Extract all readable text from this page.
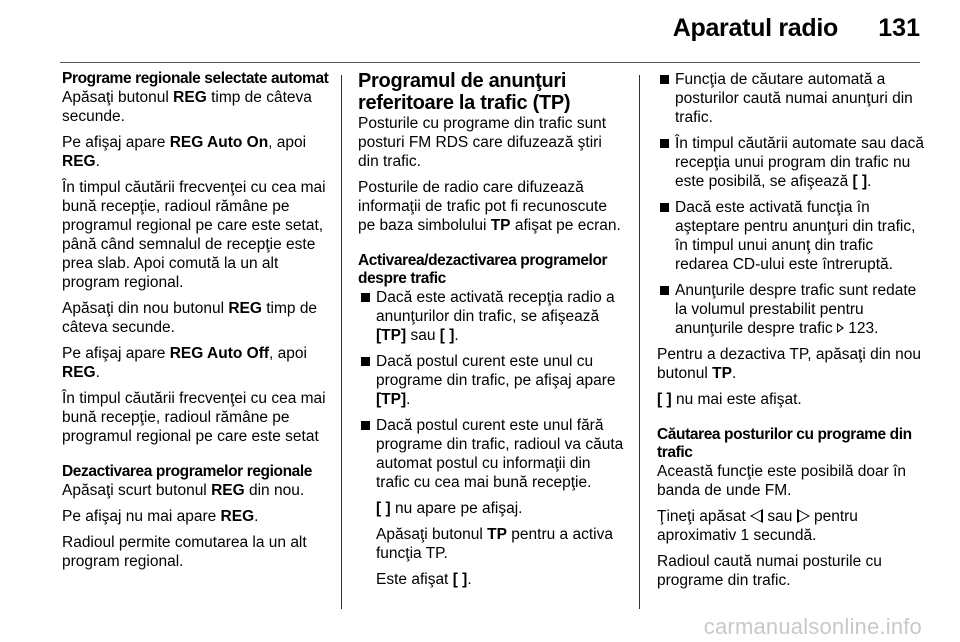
Aparatul radio 131
Programe regionale selectate automat

Apăsaţi butonul REG timp de câteva secunde.

Pe afişaj apare REG Auto On, apoi REG.

În timpul căutării frecvenţei cu cea mai bună recepţie, radioul rămâne pe programul regional pe care este setat, până când semnalul de recepţie este prea slab. Apoi comută la un alt program regional.

Apăsaţi din nou butonul REG timp de câteva secunde.

Pe afişaj apare REG Auto Off, apoi REG.

În timpul căutării frecvenţei cu cea mai bună recepţie, radioul rămâne pe programul regional pe care este setat

Dezactivarea programelor regionale

Apăsaţi scurt butonul REG din nou.

Pe afişaj nu mai apare REG.

Radioul permite comutarea la un alt program regional.

Programul de anunţuri referitoare la trafic (TP)

Posturile cu programe din trafic sunt posturi FM RDS care difuzează ştiri din trafic.

Posturile de radio care difuzează informaţii de trafic pot fi recunoscute pe baza simbolului TP afişat pe ecran.

Activarea/dezactivarea programelor despre trafic
Dacă este activată recepţia radio a anunţurilor din trafic, se afişează [TP] sau [ ].
Dacă postul curent este unul cu programe din trafic, pe afişaj apare [TP].
Dacă postul curent este unul fără programe din trafic, radioul va căuta automat postul cu informaţii din trafic cu cea mai bună recepţie.

[ ] nu apare pe afişaj.

Apăsaţi butonul TP pentru a activa funcţia TP.

Este afişat [ ].

Funcţia de căutare automată a posturilor caută numai anunţuri din trafic.
În timpul căutării automate sau dacă recepţia unui program din trafic nu este posibilă, se afişează [ ].
Dacă este activată funcţia în aşteptare pentru anunţuri din trafic, în timpul unui anunţ din trafic redarea CD-ului este întreruptă.
Anunţurile despre trafic sunt redate la volumul prestabilit pentru anunţurile despre trafic  123.

Pentru a dezactiva TP, apăsaţi din nou butonul TP.

[ ] nu mai este afişat.

Căutarea posturilor cu programe din trafic

Această funcţie este posibilă doar în banda de unde FM.

Ţineţi apăsat  sau  pentru aproximativ 1 secundă.

Radioul caută numai posturile cu programe din trafic.

carmanualsonline.info
